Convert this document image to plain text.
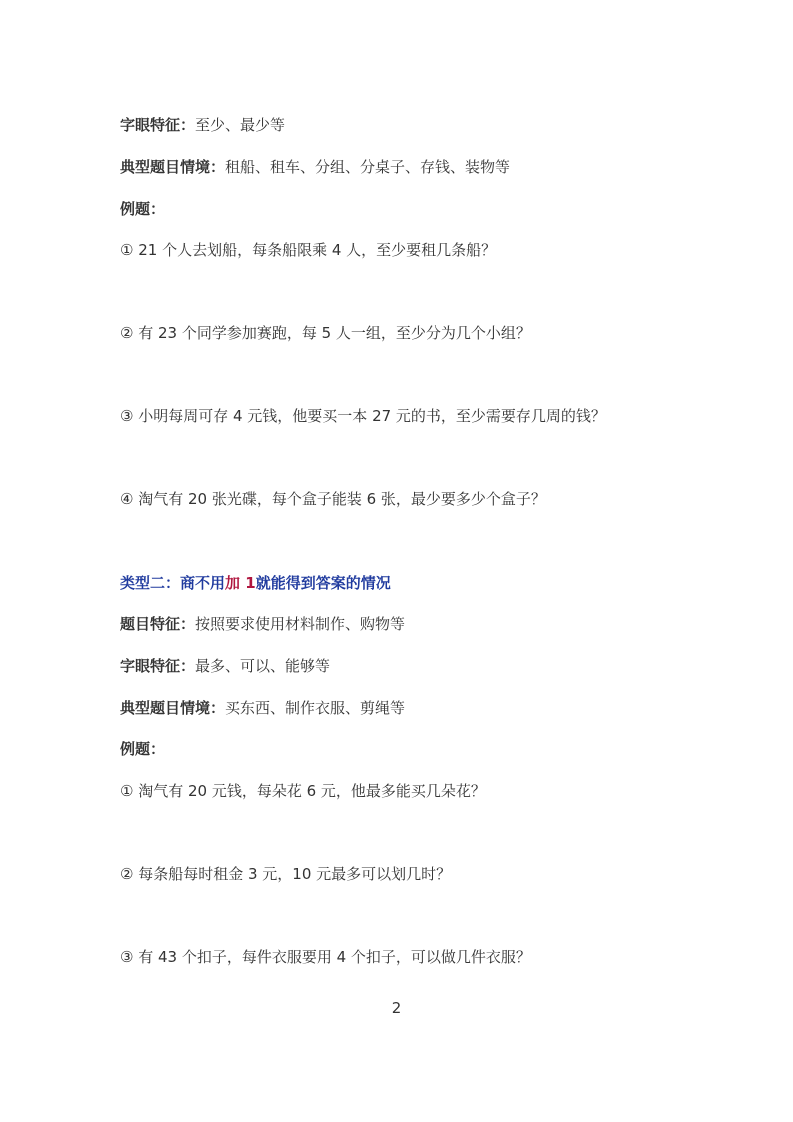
字眼特征：至少、最少等
典型题目情境：租船、租车、分组、分桌子、存钱、装物等
例题：
① 21 个人去划船，每条船限乘 4 人，至少要租几条船？
② 有 23 个同学参加赛跑，每 5 人一组，至少分为几个小组？
③ 小明每周可存 4 元钱，他要买一本 27 元的书，至少需要存几周的钱？
④ 淘气有 20 张光碟，每个盒子能装 6 张，最少要多少个盒子？
类型二：商不用加 1就能得到答案的情况
题目特征：按照要求使用材料制作、购物等
字眼特征：最多、可以、能够等
典型题目情境：买东西、制作衣服、剪绳等
例题：
① 淘气有 20 元钱，每朵花 6 元，他最多能买几朵花？
② 每条船每时租金 3 元，10 元最多可以划几时？
③ 有 43 个扣子，每件衣服要用 4 个扣子，可以做几件衣服？
2
